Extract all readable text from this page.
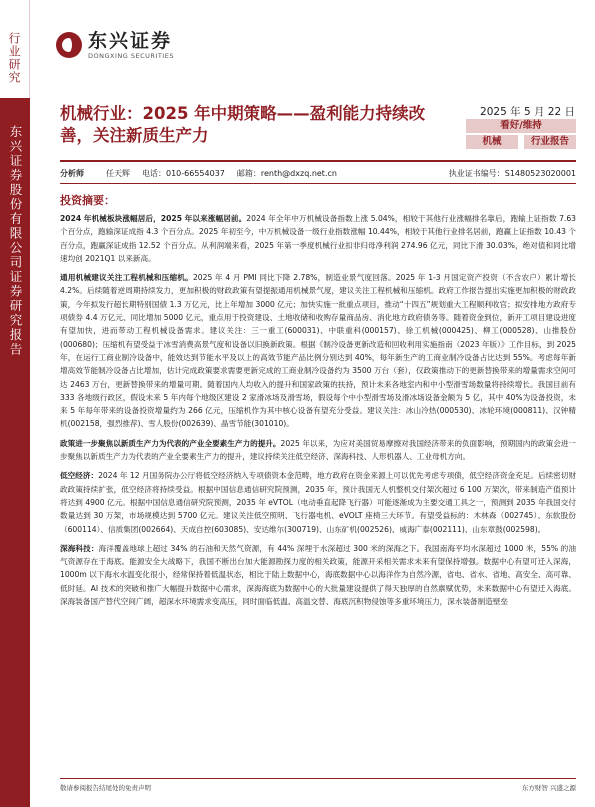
行业研究
东兴证券股份有限公司证券研究报告
东兴证券
DONGXING SECURITIES
机械行业：2025 年中期策略——盈利能力持续改善，关注新质生产力
2025 年 5 月 22 日
看好/维持
机械	行业报告
分析师	任天辉 电话：010-66554037 邮箱：renth@dxzq.net.cn	执业证书编号：S1480523020001
投资摘要：

2024 年机械板块涨幅居后，2025 年以来涨幅居前。2024 年全年中万机械设备指数上涨 5.04%，相较于其他行业涨幅排名靠后，跑输上证指数 7.63 个百分点，跑输深证成指 4.3 个百分点。2025 年初至今，中万机械设备一级行业指数涨幅 10.44%，相较于其他行业排名居前，跑赢上证指数 10.43 个百分点，跑赢深证成指 12.52 个百分点。从利润端来看，2025 年第一季度机械行业扣非归母净利润 274.96 亿元，同比下滑 30.03%，绝对值和同比增速均创 2021Q1 以来新高。

通用机械建议关注工程机械和压缩机。2025 年 4 月 PMI 同比下降 2.78%，制造业景气度回落。2025 年 1-3 月国定资产投资（不含农户）累计增长 4.2%。后续随着逆周期持续发力，更加积极的财政政策有望提振通用机械景气度，建议关注工程机械和压缩机。政府工作报告提出实施更加积极的财政政策，今年拟发行超长期特别国债 1.3 万亿元，比上年增加 3000 亿元；加快实施一批重点项目，推动“十四五”规划重大工程顺利收官；拟安排地方政府专项债券 4.4 万亿元、同比增加 5000 亿元，重点用于投资建设、土地收储和收购存量商品房、消化地方政府债务等。随着资金到位，新开工项目建设进度有望加快，进而带动工程机械设备需求。建议关注：三一重工(600031)、中联重科(000157)、徐工机械(000425)、柳工(000528)、山推股份(000680)；压缩机有望受益于冰雪消费高景气度和设备以旧换新政策。根据《制冷设备更新改造和回收利用实施指南（2023 年版）》工作目标，到 2025 年，在运行工商业制冷设备中，能效达到节能水平及以上的高效节能产品比例分别达到 40%，每年新生产的工商业制冷设备占比达到 55%。考虑每年新增高效节能制冷设备占比增加，估计完成政策要求需要更新完成的工商业制冷设备约为 3500 万台（套），仅政策推动下的更新替换带来的增量需求空间可达 2463 万台，更新替换带来的增量可期。随着国内人均收入的提升和国家政策的扶持，预计未来各地室内和中小型滑雪场数量将持续增长。我国目前有 333 各地级行政区，假设未来 5 年内每个地级区建设 2 家滑冰场及滑雪场，假设每个中小型滑雪场及滑冰场设备金额为 5 亿，其中 40%为设备投资，未来 5 年每年带来的设备投资增量约为 266 亿元，压缩机作为其中核心设备有望充分受益。建议关注：冰山冷热(000530)、冰轮环境(000811)、汉钟精机(002158，强烈推荐)、雪人股份(002639)、晶雪节能(301010)。

政策进一步聚焦以新质生产力为代表的产业全要素生产力的提升。2025 年以来，为应对美国贸易摩擦对我国经济带来的负面影响，预期国内的政策会进一步聚焦以新质生产力为代表的产业全要素生产力的提升，建议持续关注低空经济、深海科技、人形机器人、工业母机方向。

低空经济：2024 年 12 月国务院办公厅将低空经济纳入专项债资本金范畴，地方政府在资金来源上可以优先考虑专项债，低空经济资金充足。后续密切财政政策持续扩张，低空经济将持续受益。根据中国信息通信研究院预测，2035 年，预计我国无人机整机交付架次超过 6 100 万架次，带来制造产值预计将达到 4900 亿元。根据中国信息通信研究院预测，2035 年 eVTOL（电动垂直起降飞行器）可能逐渐成为主要交通工具之一，预测到 2035 年我国交付数量达到 30 万架，市场规模达到 5700 亿元。建议关注低空照明、飞行器电机、eVOLT 座椅三大环节。有望受益标的：木林森（002745）、东软股份（600114）、信质集团(002664)、天成自控(603085)、安达维尔(300719)、山东矿机(002526)、威海广泰(002111)、山东章鼓(002598)。

深海科技：海洋覆盖地球上超过 34% 的石油和天然气资源，有 44% 深埋于水深超过 300 米的深海之下。我国南海平均水深超过 1000 米，55% 的油气资源存在于海底。能源安全大战略下，我国不断出台加大能源勘探力度的相关政策，能源开采相关需求未来有望保持增强。数据中心有望可迁入深海，1000m 以下海水水温变化很小，经常保持着低温状态，相比于陆上数据中心，海底数据中心以海洋作为自然冷源，省电、省水、省地、高安全、高可靠、低时延。AI 技术的突破和推广大幅提升数据中心需求，深海海底为数据中心的大批量建设提供了得天独厚的自然禀赋优势，未来数据中心有望迁入海底。深海装备国产替代空间广阔，超深水环境需求变高压，同时面临低温、高温交替、海底沉积物侵蚀等多重环境压力，深水装备制造壁垒

敬请参阅报告结尾处的免责声明	东方财智 兴盛之源
